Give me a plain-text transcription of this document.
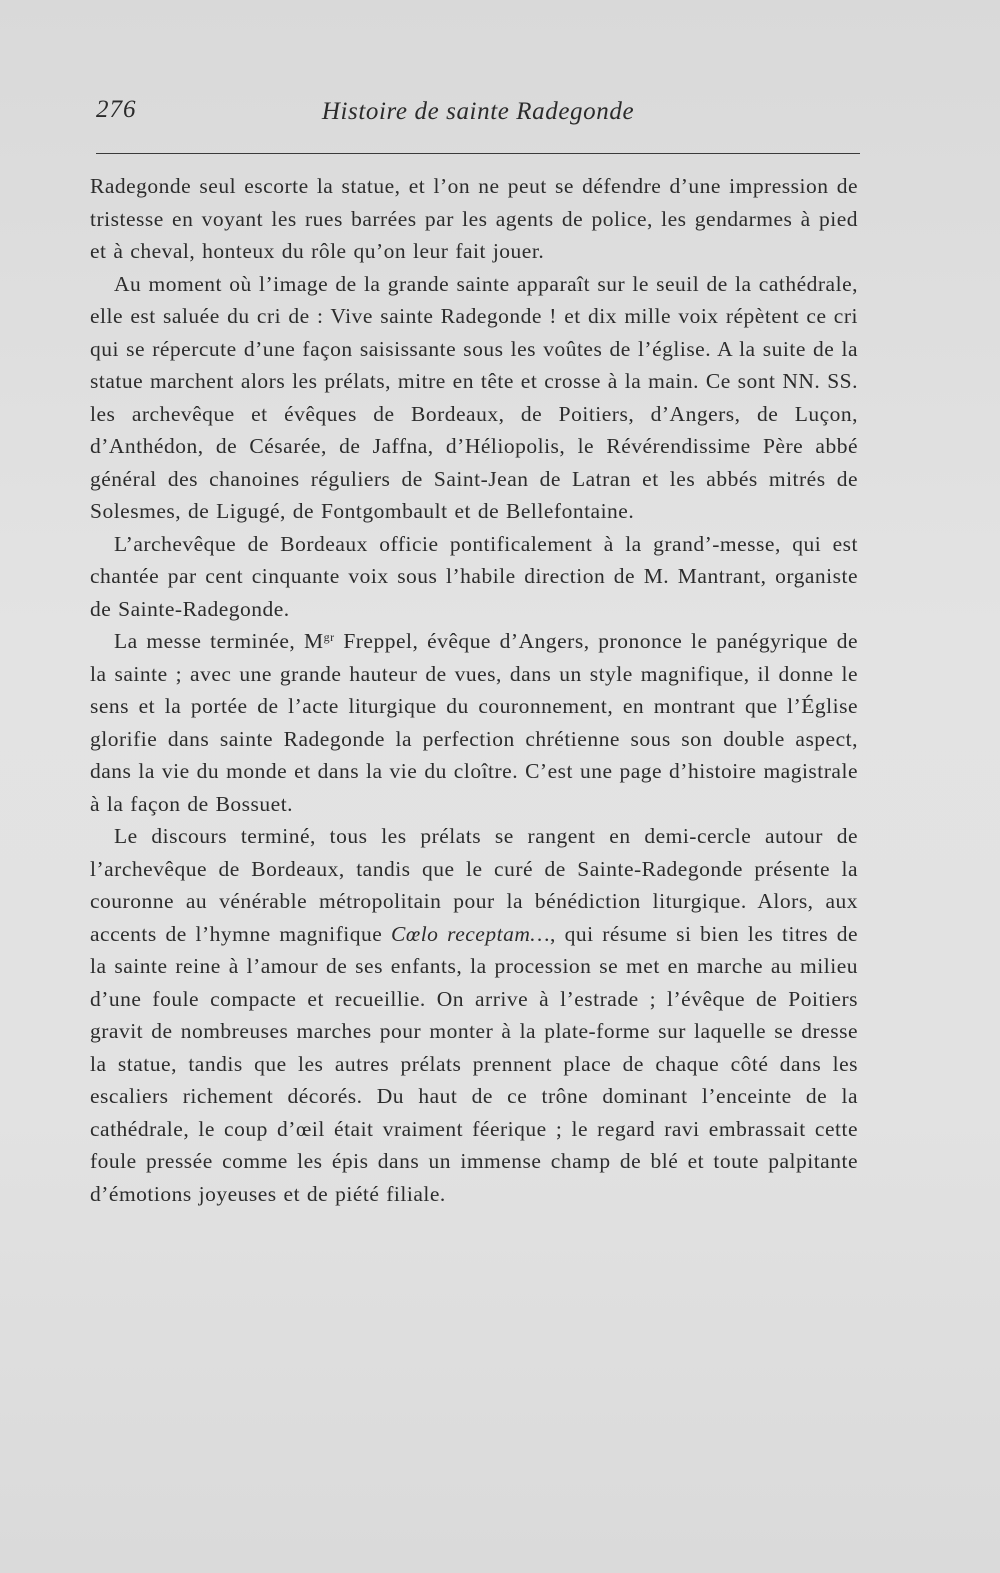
276	Histoire de sainte Radegonde

Radegonde seul escorte la statue, et l’on ne peut se défendre d’une impression de tristesse en voyant les rues barrées par les agents de police, les gendarmes à pied et à cheval, honteux du rôle qu’on leur fait jouer.

Au moment où l’image de la grande sainte apparaît sur le seuil de la cathédrale, elle est saluée du cri de : Vive sainte Radegonde ! et dix mille voix répètent ce cri qui se répercute d’une façon saisissante sous les voûtes de l’église. A la suite de la statue marchent alors les prélats, mitre en tête et crosse à la main. Ce sont NN. SS. les archevêque et évêques de Bordeaux, de Poitiers, d’Angers, de Luçon, d’Anthédon, de Césarée, de Jaffna, d’Héliopolis, le Révérendissime Père abbé général des chanoines réguliers de Saint-Jean de Latran et les abbés mitrés de Solesmes, de Ligugé, de Fontgombault et de Bellefontaine.

L’archevêque de Bordeaux officie pontificalement à la grand’-messe, qui est chantée par cent cinquante voix sous l’habile direction de M. Mantrant, organiste de Sainte-Radegonde.

La messe terminée, $M^{gr}$ Freppel, évêque d’Angers, prononce le panégyrique de la sainte ; avec une grande hauteur de vues, dans un style magnifique, il donne le sens et la portée de l’acte liturgique du couronnement, en montrant que l’Église glorifie dans sainte Radegonde la perfection chrétienne sous son double aspect, dans la vie du monde et dans la vie du cloître. C’est une page d’histoire magistrale à la façon de Bossuet.

Le discours terminé, tous les prélats se rangent en demi-cercle autour de l’archevêque de Bordeaux, tandis que le curé de Sainte-Radegonde présente la couronne au vénérable métropolitain pour la bénédiction liturgique. Alors, aux accents de l’hymne magnifique Cœlo receptam…, qui résume si bien les titres de la sainte reine à l’amour de ses enfants, la procession se met en marche au milieu d’une foule compacte et recueillie. On arrive à l’estrade ; l’évêque de Poitiers gravit de nombreuses marches pour monter à la plate-forme sur laquelle se dresse la statue, tandis que les autres prélats prennent place de chaque côté dans les escaliers richement décorés. Du haut de ce trône dominant l’enceinte de la cathédrale, le coup d’œil était vraiment féerique ; le regard ravi embrassait cette foule pressée comme les épis dans un immense champ de blé et toute palpitante d’émotions joyeuses et de piété filiale.
